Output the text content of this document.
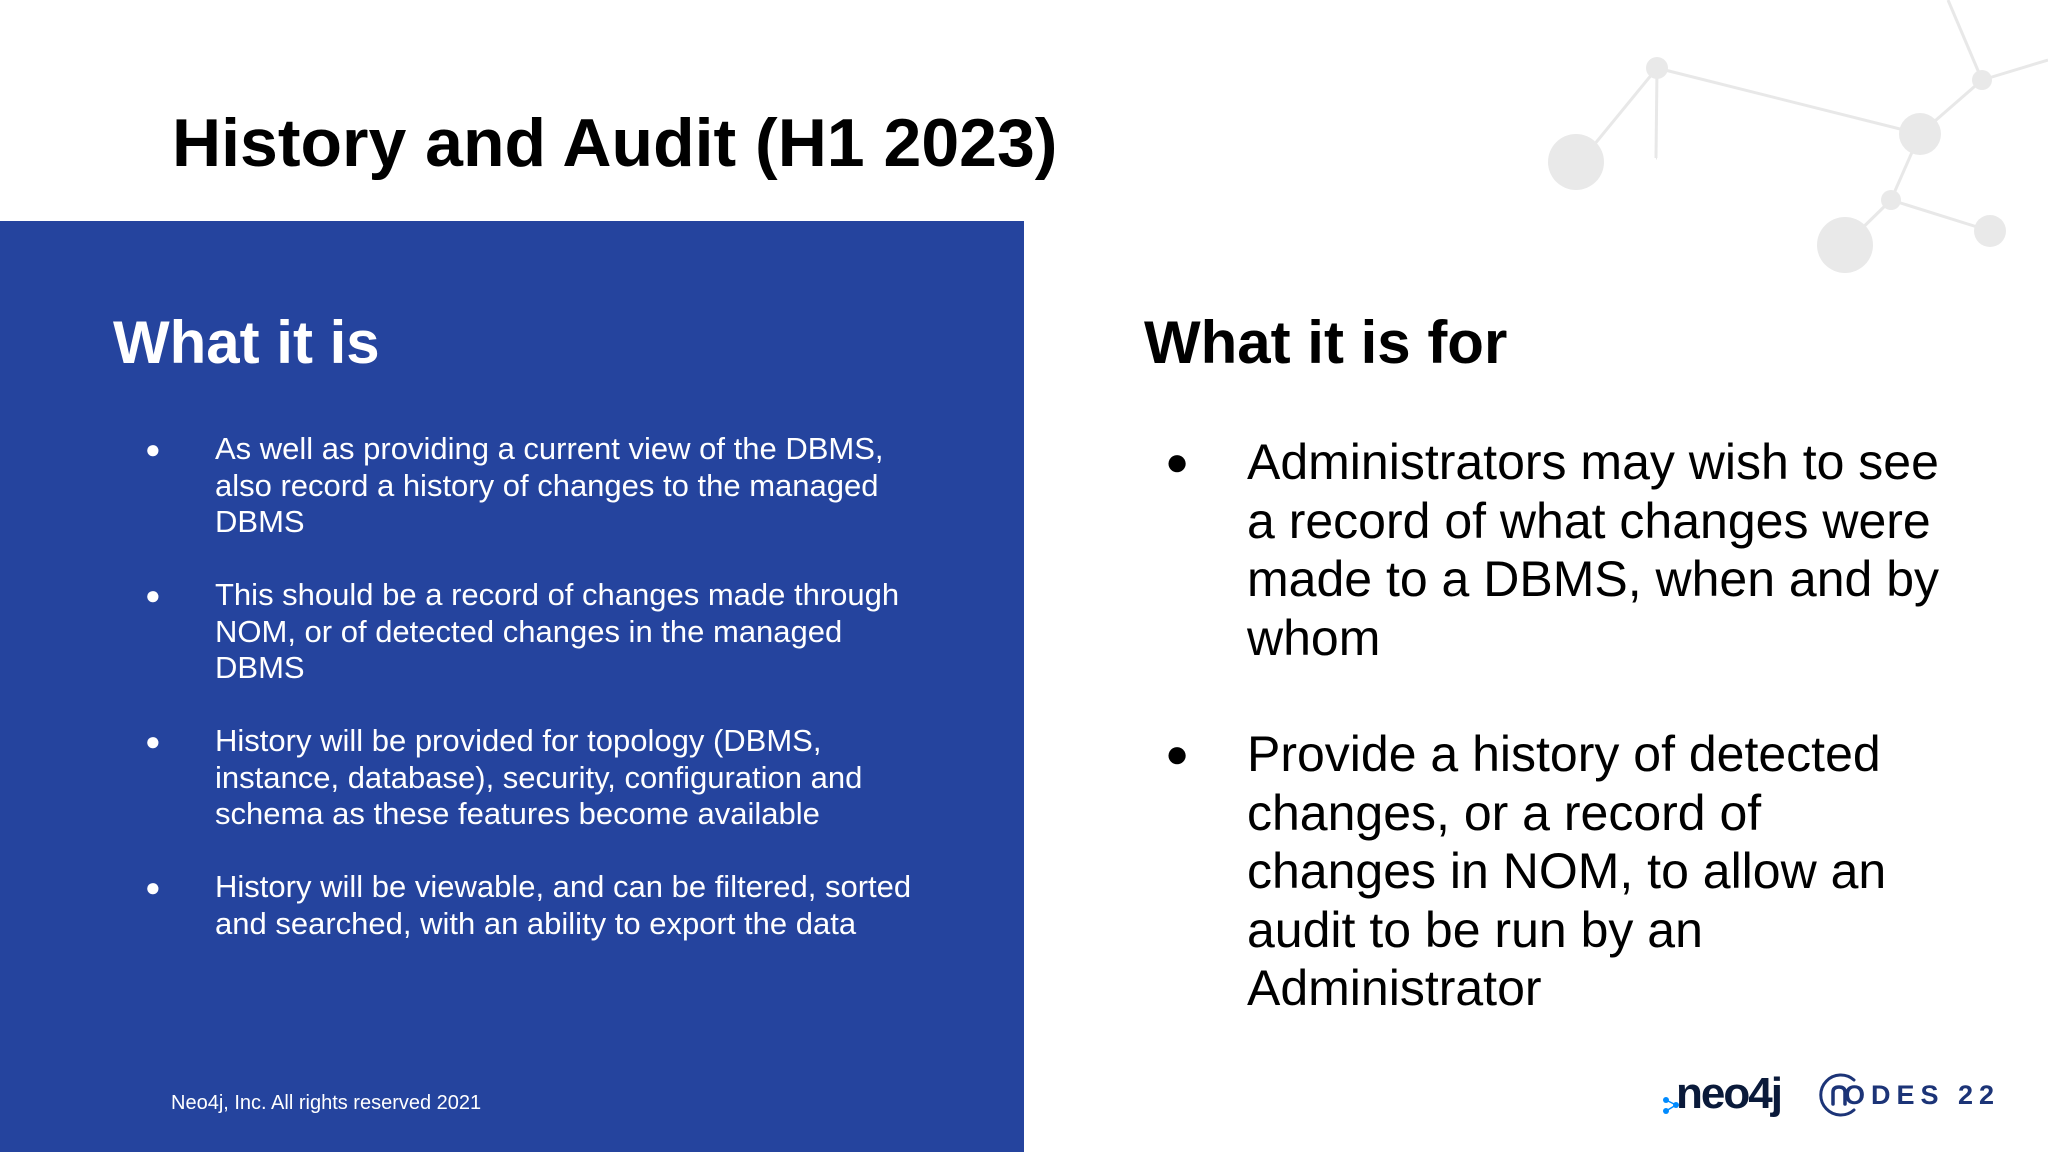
History and Audit (H1 2023)
What it is
● As well as providing a current view of the DBMS, also record a history of changes to the managed DBMS
● This should be a record of changes made through NOM, or of detected changes in the managed DBMS
● History will be provided for topology (DBMS, instance, database), security, configuration and schema as these features become available
● History will be viewable, and can be filtered, sorted and searched, with an ability to export the data
What it is for
● Administrators may wish to see a record of what changes were made to a DBMS, when and by whom
● Provide a history of detected changes, or a record of changes in NOM, to allow an audit to be run by an Administrator
Neo4j, Inc. All rights reserved 2021	neo4j ODES 22
